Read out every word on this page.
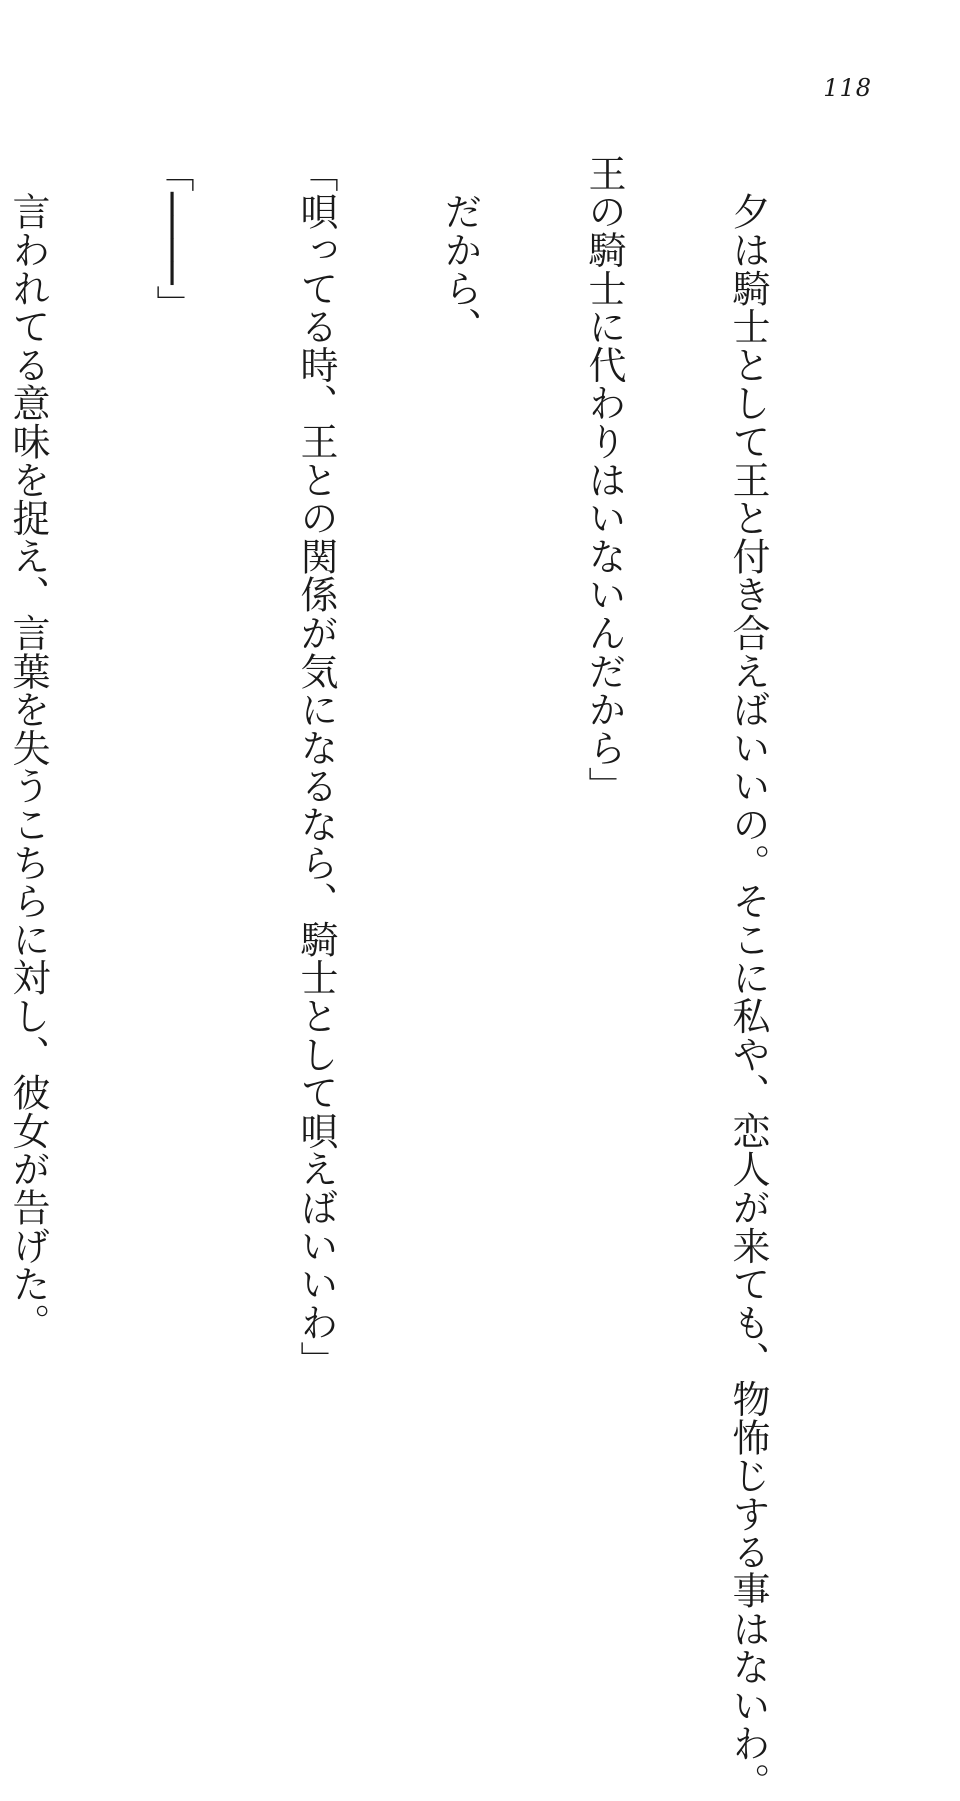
118

　夕は騎士として王と付き合えばいいの。そこに私や、恋人が来ても、物怖じする事はないわ。

王の騎士に代わりはいないんだから」

　だから、

「唄ってる時、王との関係が気になるなら、騎士として唄えばいいわ」

「────」

　言われてる意味を捉え、言葉を失うこちらに対し、彼女が告げた。
